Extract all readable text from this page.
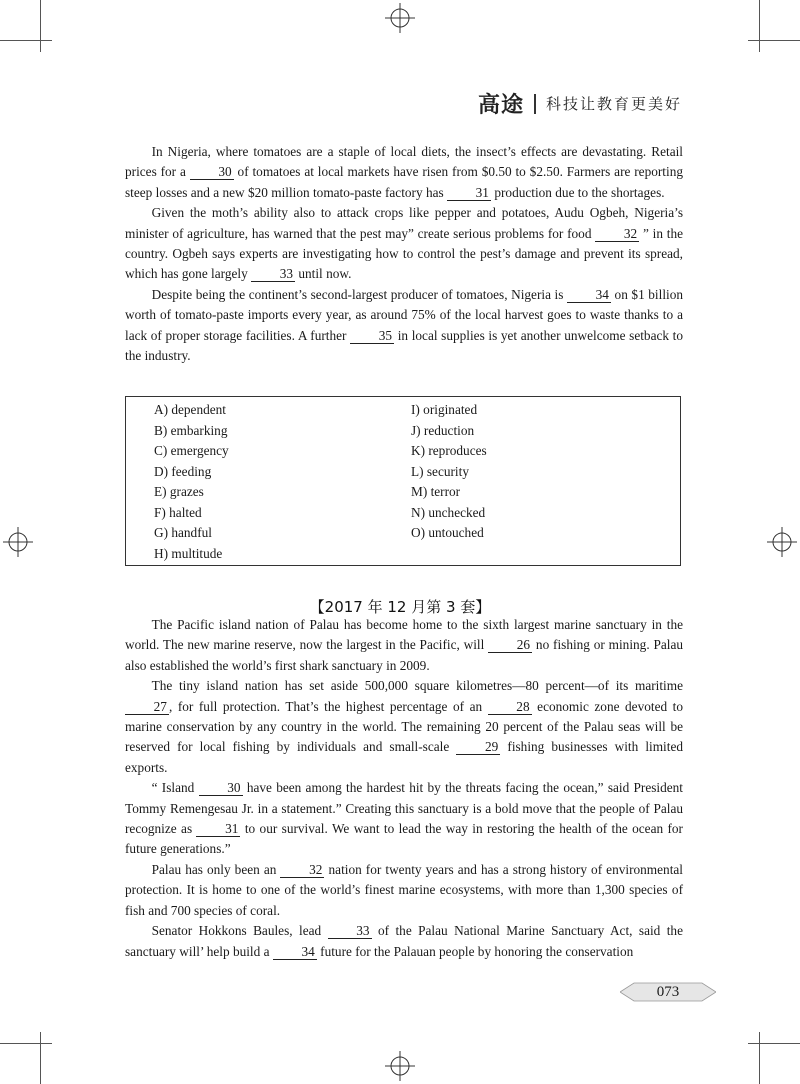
高途 科技让教育更美好

In Nigeria, where tomatoes are a staple of local diets, the insect’s effects are devastating. Retail prices for a 30 of tomatoes at local markets have risen from $0.50 to $2.50. Farmers are reporting steep losses and a new $20 million tomato-paste factory has 31 production due to the shortages.

Given the moth’s ability also to attack crops like pepper and potatoes, Audu Ogbeh, Nigeria’s minister of agriculture, has warned that the pest may” create serious problems for food 32 ” in the country. Ogbeh says experts are investigating how to control the pest’s damage and prevent its spread, which has gone largely 33 until now.

Despite being the continent’s second-largest producer of tomatoes, Nigeria is 34 on $1 billion worth of tomato-paste imports every year, as around 75% of the local harvest goes to waste thanks to a lack of proper storage facilities. A further 35 in local supplies is yet another unwelcome setback to the industry.

A) dependent
B) embarking
C) emergency
D) feeding
E) grazes
F) halted
G) handful
H) multitude
I) originated
J) reduction
K) reproduces
L) security
M) terror
N) unchecked
O) untouched
【2017 年 12 月第 3 套】

The Pacific island nation of Palau has become home to the sixth largest marine sanctuary in the world. The new marine reserve, now the largest in the Pacific, will 26 no fishing or mining. Palau also established the world’s first shark sanctuary in 2009.

The tiny island nation has set aside 500,000 square kilometres—80 percent—of its maritime 27 , for full protection. That’s the highest percentage of an 28 economic zone devoted to marine conservation by any country in the world. The remaining 20 percent of the Palau seas will be reserved for local fishing by individuals and small-scale 29 fishing businesses with limited exports.

“ Island 30 have been among the hardest hit by the threats facing the ocean,” said President Tommy Remengesau Jr. in a statement.” Creating this sanctuary is a bold move that the people of Palau recognize as 31 to our survival. We want to lead the way in restoring the health of the ocean for future generations.”

Palau has only been an 32 nation for twenty years and has a strong history of environmental protection. It is home to one of the world’s finest marine ecosystems, with more than 1,300 species of fish and 700 species of coral.

Senator Hokkons Baules, lead 33 of the Palau National Marine Sanctuary Act, said the sanctuary will’ help build a 34 future for the Palauan people by honoring the conservation

073
